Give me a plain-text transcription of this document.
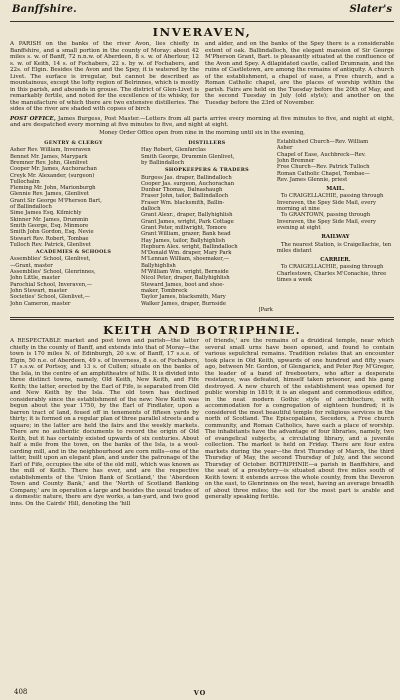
Banffshire.	Slater's
INVERAVEN,
A PARISH on the banks of the river Avon, lies chiefly in Banffshire, and a small portion in the county of Moray: about 42 miles s. w. of Banff, 72 n.n.w. of Aberdeen, 8 s. w. of Aberlour, 12 s. w. of Keith, 14 s. of Fochabers, 22 s. by w. of Fochabers, and 22s. of Elgin. Besides the Avon and the Spey, it is watered by the Livet. The surface is irregular, but cannot be described as mountainous, except the lofty region of Belrinnes, which is mostly in this parish, and abounds in grouse. The district of Glen-Livet is remarkably fertile, and noted for the excellence of its whisky, for the manufacture of which there are two extensive distilleries. The sides of the river are shaded with copses of birch
and alder, and on the banks of the Spey there is a considerable extent of oak. Ballindalloch, the elegant mansion of Sir George M'Pherson Grant, Bart. is pleasantly situated at the confluence of the Avon and Spey. A dilapidated castle, called Drumnain, and the ruins of Castletown, are among the remains of antiquity. A church of the establishment, a chapel of ease, a Free church, and a Roman Catholic chapel, are the places of worship within the parish. Fairs are held on the Tuesday before the 20th of May, and the second Tuesday in July (old style); and another on the Tuesday before the 23rd of November.
POST OFFICE, James Burgess, Post Master.—Letters from all parts arrive every morning at five minutes to five, and night at eight, and are despatched every morning at five minutes to five, and night at eight.
Money Order Office open from nine in the morning until six in the evening,
GENTRY & CLERGY
Asher Rev. William, Inveraven
Bennet Mr. James, Marypark
Bremner Rev. John, Glenlivet
Cooper Mr. James, Auchorachan
Creyk Mr. Alexander, (surgeon)
Tullochalm
Fleming Mr. John, Marionburgh
Glennie Rev. James, Glenlivet
Grant Sir George M'Pherson Bart,
of Ballindalloch
Sime James Esq. Kilmichly
Skinner Mr. James, Drummin
Smith George, Esq. Minmore
Smith John Gordon, Esq. Nevie
Stewart Rev. Robert, Tombae
Tulloch Rev. Patrick, Glenlivet
ACADEMIES & SCHOOLS
Assemblies' School, Glenlivet,
—Grant, master
Assemblies' School, Glenrinnes,
John Little, master
Parochial School, Inveraven,—
John Stewart, master
Societies' School, Glenlivet,—
John Cameron, master
DISTILLERS
Hay Robert, Glenfarclas
Smith George, Drummin Glenlivet,
by Ballindalloch
SHOPKEEPERS & TRADERS
Burgess Jas. draper, Ballindalloch
Cooper Jas. surgeon, Auchorachan
Dunbar Thomas, Dalnashaugh
Fraser John, tailor, Ballindalloch
Fraser Wm. blacksmith, Ballin-
dalloch
Grant Alexr., draper, Ballyhighlish
Grant James, wright, Park Cottage
Grant Peter, millwright, Tomore
Grant William, grazer, Bank head
Hay James, tailor, Ballyhighlish
Hepburn Alex. wright, Ballindalloch
M'Donald Wm. draper, Mary Park
M'Lennan William, shoemaker,—
Ballyhighlish
M'William Wm. wright, Bernside
Nicol Peter, draper, Ballyhighlish
Steward James, boot and shoe-
maker, Tombreck
Taylor James, blacksmith, Mary
Walker James, draper, Burnside
[Park
Established Church—Rev. William
Asher
Chapel of Ease, Auchbreck—Rev.
John Bremner
Free Church—Rev. Patrick Tulloch
Roman Catholic Chapel, Tombae—
Rev. James Glennie, priest
MAIL.
To CRAIGELLACHIE, passing through Inveraven, the Spey Side Mail, every morning at nine
To GRANTOWN, passing through Inveraven, the Spey Side Mail, every evening at eight
RAILWAY
The nearest Station, is Craigellachie, ten miles distant
CARRIER.
To CRAIGELLACHIE, passing through Charlestown, Charles M'Conachie, three times a week
KEITH AND BOTRIPHNIE.
A RESPECTABLE market and post town and parish—the latter chiefly in the county of Banff, and extends into that of Moray—the town is 170 miles N. of Edinburgh, 20 s.w. of Banff, 17 s.s.e. of Elgin, 50 n.e. of Aberdeen, 49 s. of Inverness, 8 s.e. of Fochabers, 17 s.s.w. of Portsoy, and 13 s. of Cullen; situate on the banks of the Isla, in the centre of an amphitheatre of hills. It is divided into three distinct towns, namely, Old Keith, New Keith, and Fife Keith; the latter, erected by the Earl of Fife, is separated from Old and New Keith by the Isla. The old town has declined considerably since the establishment of the new: New Keith was begun about the year 1750, by the Earl of Findlater, upon a barren tract of land, feued off in tenements of fifteen yards by thirty; it is formed on a regular plan of three parallel streets and a square; in the latter are held the fairs and the weekly markets. There are no authentic documents to record the origin of Old Keith, but it has certainly existed upwards of six centuries. About half a mile from the town, on the banks of the Isla, is a wool-carding mill, and in the neighbourhood are corn mills—one of the latter, built upon an elegant plan, and under the patronage of the Earl of Fife, occupies the site of the old mill, which was known as the mill of Keith. There has ever, and are the respective establishments of the 'Union Bank of Scotland,' the 'Aberdeen Town and County Bank,' and the 'North of Scotland Banking Company,' are in operation a large and besides the usual trades of a domestic nature, there are dye works, a tan-yard, and two good inns. On the Cairds' Hill, denoting the 'hill
of friends,' are the remains of a druidical temple, near which several small urns have been opened, and found to contain various sepulchral remains. Tradition relates that an encounter took place in Old Keith, upwards of one hundred and fifty years ago, between Mr. Gordon, of Glengarick, and Peter Roy M'Gregor, the leader of a band of freebooters, who after a desperate resistance, was defeated, himself taken prisoner, and his gang destroyed. A new church of the establishment was opened for public worship in 1819; it is an elegant and commodious edifice, in the neat modern Gothic style of architecture, with accommodation for a congregation of eighteen hundred; it is considered the most beautiful temple for religious services in the north of Scotland. The Episcopalians, Seceders, a Free church community, and Roman Catholics, have each a place of worship. The inhabitants have the advantage of four libraries, namely, two of evangelical subjects, a circulating library, and a juvenile collection. The market is held on Friday. There are four extra markets during the year—the first Thursday of March, the third Thursday of May, the second Thursday of July, and the second Thursday of October. BOTRIPHNIE—a parish in Banffshire, and the seat of a presbytery—is situated about five miles south of Keith town: it extends across the whole county, from the Deveron on the east, to Glenrinnes on the west, having an average breadth of about three miles; the soil for the most part is arable and generally speaking fertile.
408	VO
